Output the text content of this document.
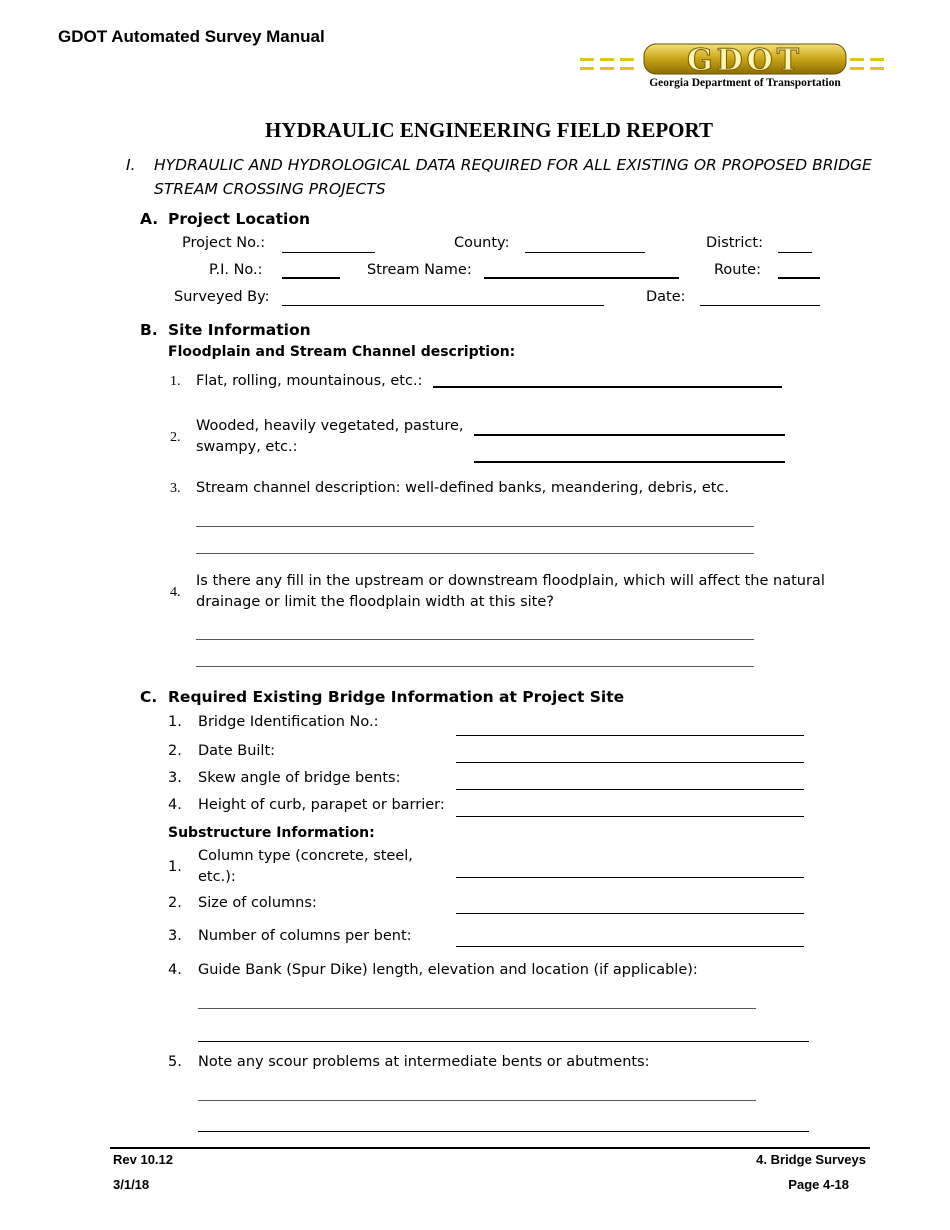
GDOT Automated Survey Manual
GDOT
Georgia Department of Transportation
HYDRAULIC ENGINEERING FIELD REPORT
I. HYDRAULIC AND HYDROLOGICAL DATA REQUIRED FOR ALL EXISTING OR PROPOSED BRIDGE
STREAM CROSSING PROJECTS
A. Project Location
Project No.:	County:	District:
P.I. No.:	Stream Name:	Route:
Surveyed By:	Date:
B. Site Information
Floodplain and Stream Channel description:
1. Flat, rolling, mountainous, etc.:
2.
Wooded, heavily vegetated, pasture,
swampy, etc.:
3. Stream channel description: well-defined banks, meandering, debris, etc.
4.
Is there any fill in the upstream or downstream floodplain, which will affect the natural
drainage or limit the floodplain width at this site?
C. Required Existing Bridge Information at Project Site
1. Bridge Identification No.:
2. Date Built:
3. Skew angle of bridge bents:
4. Height of curb, parapet or barrier:
Substructure Information:
1.
Column type (concrete, steel,
etc.):
2. Size of columns:
3. Number of columns per bent:
4. Guide Bank (Spur Dike) length, elevation and location (if applicable):
5. Note any scour problems at intermediate bents or abutments:
Rev 10.12
3/1/18
4. Bridge Surveys
Page 4-18
